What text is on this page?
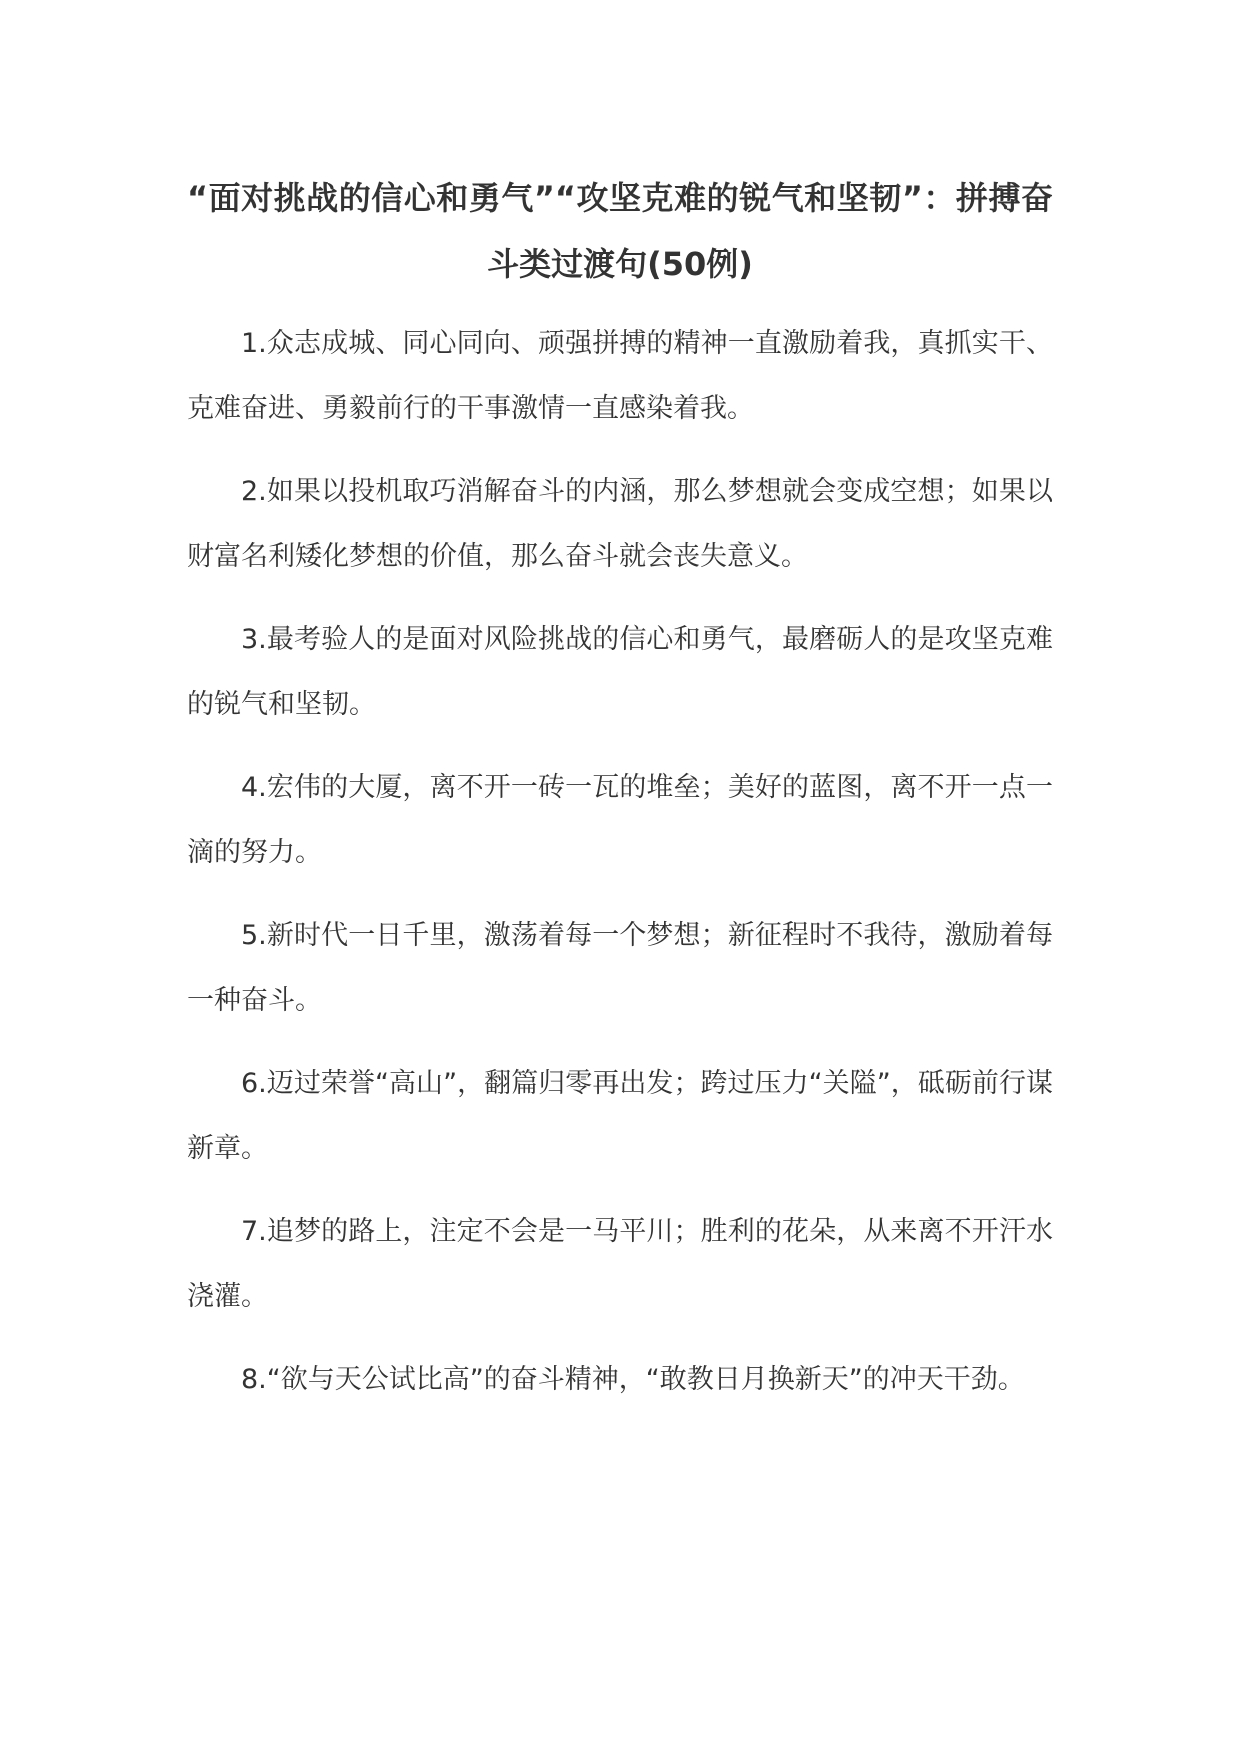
“面对挑战的信心和勇气”“攻坚克难的锐气和坚韧”：拼搏奋斗类过渡句(50例)

1.众志成城、同心同向、顽强拼搏的精神一直激励着我，真抓实干、克难奋进、勇毅前行的干事激情一直感染着我。

2.如果以投机取巧消解奋斗的内涵，那么梦想就会变成空想；如果以财富名利矮化梦想的价值，那么奋斗就会丧失意义。

3.最考验人的是面对风险挑战的信心和勇气，最磨砺人的是攻坚克难的锐气和坚韧。

4.宏伟的大厦，离不开一砖一瓦的堆垒；美好的蓝图，离不开一点一滴的努力。

5.新时代一日千里，激荡着每一个梦想；新征程时不我待，激励着每一种奋斗。

6.迈过荣誉“高山”，翻篇归零再出发；跨过压力“关隘”，砥砺前行谋新章。

7.追梦的路上，注定不会是一马平川；胜利的花朵，从来离不开汗水浇灌。

8.“欲与天公试比高”的奋斗精神，“敢教日月换新天”的冲天干劲。
